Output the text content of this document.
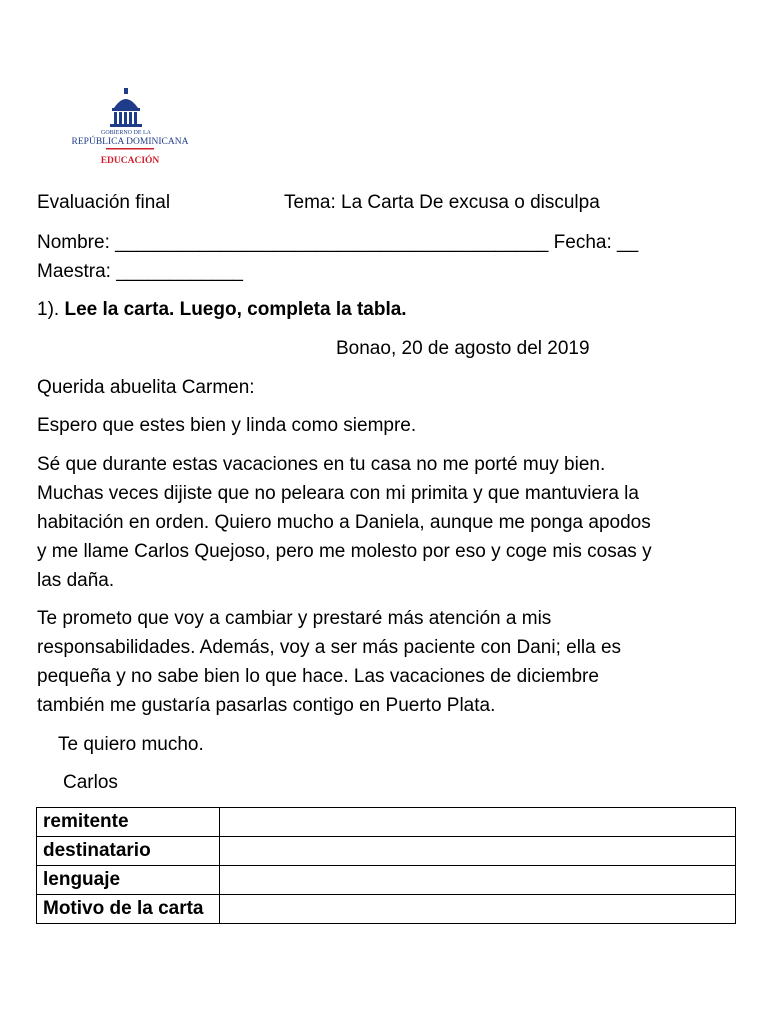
GOBIERNO DE LA
REPÚBLICA DOMINICANA
EDUCACIÓN
Evaluación final	Tema: La Carta De excusa o disculpa
Nombre: _________________________________________ Fecha: __
Maestra: ____________
1). Lee la carta. Luego, completa la tabla.
Bonao, 20 de agosto del 2019
Querida abuelita Carmen:
Espero que estes bien y linda como siempre.

Sé que durante estas vacaciones en tu casa no me porté muy bien.

Muchas veces dijiste que no peleara con mi primita y que mantuviera la

habitación en orden. Quiero mucho a Daniela, aunque me ponga apodos

y me llame Carlos Quejoso, pero me molesto por eso y coge mis cosas y

las daña.

Te prometo que voy a cambiar y prestaré más atención a mis

responsabilidades. Además, voy a ser más paciente con Dani; ella es

pequeña y no sabe bien lo que hace. Las vacaciones de diciembre

también me gustaría pasarlas contigo en Puerto Plata.

Te quiero mucho.
Carlos
remitente	
destinatario	
lenguaje	
Motivo de la carta	
